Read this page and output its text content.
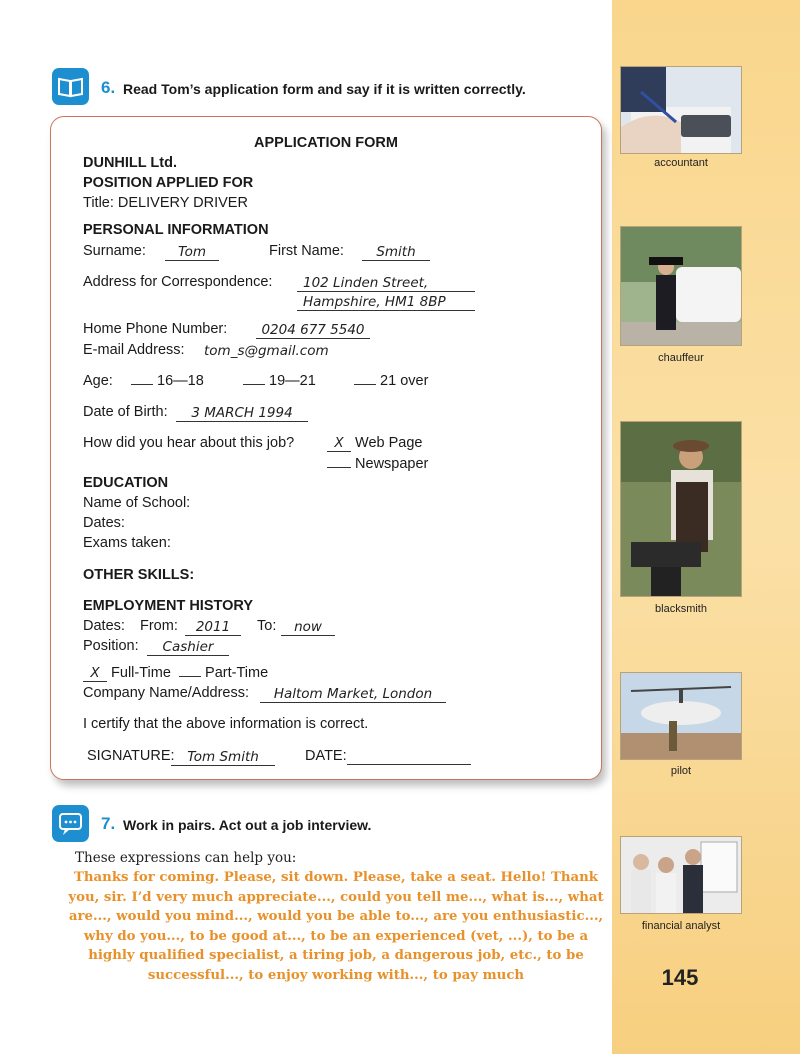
accountant
chauffeur
blacksmith
pilot
financial analyst
145
6. Read Tom’s application form and say if it is written correctly.
APPLICATION FORM
DUNHILL Ltd.
POSITION APPLIED FOR
Title: DELIVERY DRIVER
PERSONAL INFORMATION
Surname:	Tom	First Name:	Smith
Address for Correspondence:	102 Linden Street,
Hampshire, HM1 8BP
Home Phone Number:	0204 677 5540
E-mail Address: tom_s@gmail.com
Age:	16—18	19—21	21 over
Date of Birth:	3 MARCH 1994
How did you hear about this job?	X Web Page
Newspaper
EDUCATION
Name of School:
Dates:
Exams taken:
OTHER SKILLS:
EMPLOYMENT HISTORY
Dates: From:	2011	To:	now
Position:	Cashier
X Full-Time	Part-Time
Company Name/Address:	Haltom Market, London
I certify that the above information is correct.
SIGNATURE: Tom Smith	DATE:
7. Work in pairs. Act out a job interview.
These expressions can help you:
Thanks for coming. Please, sit down. Please, take a seat. Hello! Thank you, sir. I’d very much appreciate..., could you tell me..., what is..., what are..., would you mind..., would you be able to..., are you enthusiastic..., why do you..., to be good at..., to be an experienced (vet, ...), to be a highly qualified specialist, a tiring job, a dangerous job, etc., to be successful..., to enjoy working with..., to pay much
